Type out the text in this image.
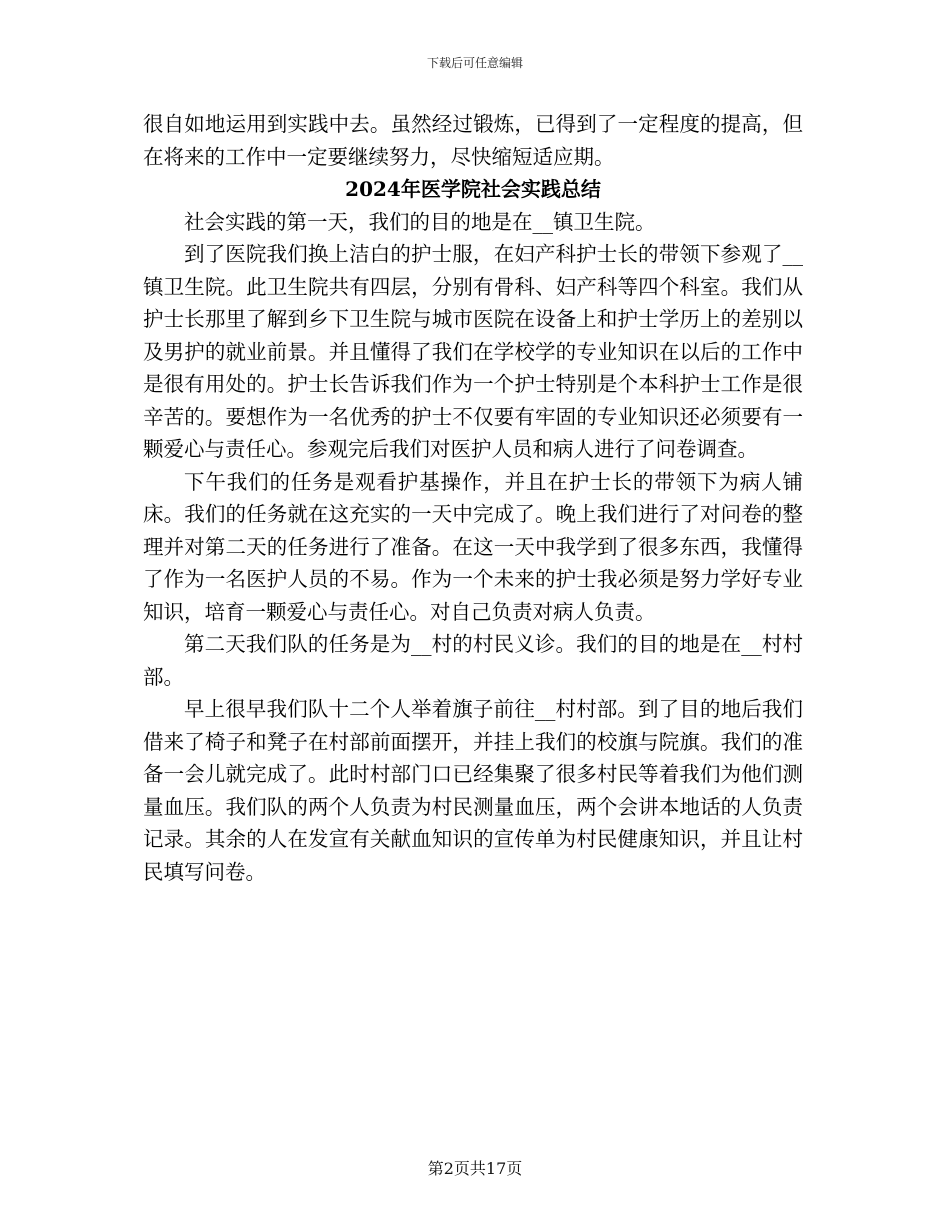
下载后可任意编辑

很自如地运用到实践中去。虽然经过锻炼，已得到了一定程度的提高，但在将来的工作中一定要继续努力，尽快缩短适应期。

2024年医学院社会实践总结

社会实践的第一天，我们的目的地是在__镇卫生院。

到了医院我们换上洁白的护士服，在妇产科护士长的带领下参观了__镇卫生院。此卫生院共有四层，分别有骨科、妇产科等四个科室。我们从护士长那里了解到乡下卫生院与城市医院在设备上和护士学历上的差别以及男护的就业前景。并且懂得了我们在学校学的专业知识在以后的工作中是很有用处的。护士长告诉我们作为一个护士特别是个本科护士工作是很辛苦的。要想作为一名优秀的护士不仅要有牢固的专业知识还必须要有一颗爱心与责任心。参观完后我们对医护人员和病人进行了问卷调查。

下午我们的任务是观看护基操作，并且在护士长的带领下为病人铺床。我们的任务就在这充实的一天中完成了。晚上我们进行了对问卷的整理并对第二天的任务进行了准备。在这一天中我学到了很多东西，我懂得了作为一名医护人员的不易。作为一个未来的护士我必须是努力学好专业知识，培育一颗爱心与责任心。对自己负责对病人负责。

第二天我们队的任务是为__村的村民义诊。我们的目的地是在__村村部。

早上很早我们队十二个人举着旗子前往__村村部。到了目的地后我们借来了椅子和凳子在村部前面摆开，并挂上我们的校旗与院旗。我们的准备一会儿就完成了。此时村部门口已经集聚了很多村民等着我们为他们测量血压。我们队的两个人负责为村民测量血压，两个会讲本地话的人负责记录。其余的人在发宣有关献血知识的宣传单为村民健康知识，并且让村民填写问卷。

第2页共17页
